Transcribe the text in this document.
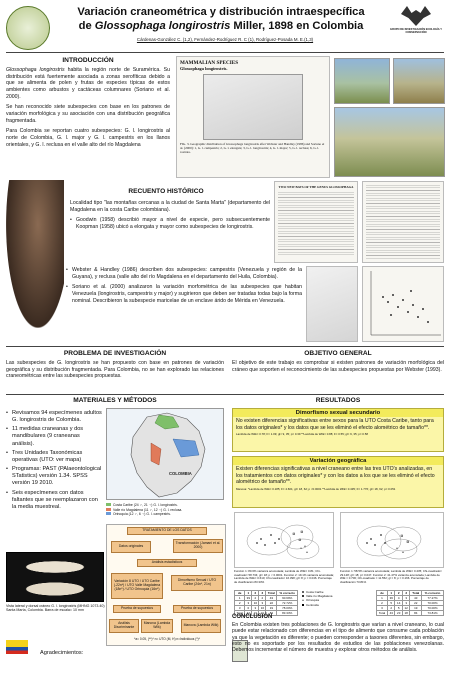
Variación craneométrica y distribución intraespecífica
de Glossophaga longirostris Miller, 1898 en Colombia
Cárdenas-González C. (1,2), Fernández-Rodríguez R. C (1), Rodríguez-Posada M. E.(1,3)
GRUPO DE INVESTIGACIÓN ECOLOGÍA Y CONSERVACIÓN
INTRODUCCIÓN

Glossophaga longirostris habita la región norte de Suramérica. Su distribución está fuertemente asociada a zonas xerofíticas debido a que se alimenta de polen y frutas de especies típicas de estos ambientes como arbustos y cactáceas columnares (Soriano et al. 2000).

Se han reconocido siete subespecies con base en los patrones de variación morfológica y su asociación con una distribución geográfica fragmentada.

Para Colombia se reportan cuatro subespecies: G. l. longirostris al norte de Colombia, G. l. major y G. l. campestris en los llanos orientales, y G. l. reclusa en el valle alto del río Magdalena

MAMMALIAN SPECIES
Glossophaga longirostris.
FIG. 3. Geographic distribution of Glossophaga longirostris after Webster and Handley (1986) and Soriano et al. (2000): 1, G. l. campestris; 2, G. l. elongata; 3, G. l. longirostris; 4, G. l. major; 5, G. l. reclusa; 6, G. l. rostrata.
RECUENTO HISTÓRICO

Localidad tipo "las montañas cercanas a la ciudad de Santa Marta" (departamento del Magdalena en la costa Caribe colombiana).

• Goodwin (1958) describió mayor a nivel de especie, pero subsecuentemente Koopman (1958) ubicó a elongata y mayor como subespecies de longirostris.
TWO NEW BATS OF THE GENUS GLOSSOPHAGA
• Webster & Handley (1986) describen dos subespecies: campestris (Venezuela y región de la Guyana), y reclusa (valle alto del río Magdalena en el departamento del Huila, Colombia).
• Soriano et al. (2000) analizaron la variación morfométrica de las subespecies que habitan Venezuela (longirostris, campestris y major) y sugirieron que deben ser tratadas todas bajo la forma nominal. Describieron la subespecie maricelae de un enclave árido de Mérida en Venezuela.
PROBLEMA DE INVESTIGACIÓN
Las subespecies de G. longirostris se han propuesto con base en patrones de variación geográfica y su distribución fragmentada. Para Colombia, no se han explorado las relaciones craneométricas entre las subespecies propuestas.
OBJETIVO GENERAL
El objetivo de este trabajo es comprobar si existen patrones de variación morfológica del cráneo que soporten el reconocimiento de las subespecies propuestas por Webster (1993).
MATERIALES Y MÉTODOS
• Revisamos 94 especímenes adultos G. longirostris de Colombia.
• 11 medidas craneanas y dos mandibulares (9 craneanas análisis).
• Tres Unidades Taxonómicas operativas (UTO: ver mapa)
• Programas: PAST (PAlaeontological STatistics) versión 1.34. SPSS versión 19 2010.
• Seis especímenes con datos faltantes que se reemplazaron con la media muestreal.
COLOMBIA
Costa Caribe (24 ♂, 21 ♀) G. l. longirostris.
Valle río Magdalena (11 ♂, 12 ♀) G. l. reclusa.
Orinoquia (12 ♂, 6 ♀) G. l. campestris.
Vista lateral y dorsal cráneo G. l. longirostris (MHNG 1073.40) Santa Marta, Colombia. Barra de escala= 10 mm
TRATAMIENTO DE LOS DATOS
Datos originales
Transformación (Jamani et al. 2000)
Análisis estadísticos
Variación 8 UTO / UTO Caribe (-22n*) / UTO Valle Magdalena (18n*) / UTO Orinoquia (16n*)
Dimorfismo Sexual / UTO Caribe (24n*, 21n)
Prueba de supuestos	Prueba de supuestos
Análisis Discriminante
Manova (Lambda Wilk)	Manova (Lambda Wilk)
*a= 0.05, (**)* n= UTO (M, H) n=Individuos (*)*
Agradecimientos:
RESULTADOS
Dimorfismo sexual secundario
No existen diferencias significativas entre sexos para la UTO Costa Caribe, tanto para los datos originales* y los datos que se les eliminó el efecto alométrico de tamaño**.
Lambda de Wilk= 0.78; F= 1.09; gl= 9, 35; p= 0.39 **Lambda de Wilk= 0.88; F= 0.55; gl= 9, 35; p= 0.58
Variación geográfica
Existen diferencias significativas a nivel craneano entre las tres UTO's analizadas, en los tratamientos con datos originales* y con los datos a los que se les eliminó el efecto alométrico de tamaño**.
Manova: *Lambda de Wilk= 0.185; F= 4.601; gl= 18, 62; p <0.0001 **Lambda de Wilk= 0.435; F= 1.776; gl= 18, 62; p= 0.051
Función 1: 80.6% varianza acumulada; Lambda de Wilk= 0.81; Chi-cuadrado= 58.734; gl= 18; p < 0.0001. Función 2: 19.1% varianza acumulada; Lambda de Wilk= 0.610; Chi-cuadrado= 16.398; gl= 8; p = 0.046. Porcentaje de clasificación 83.33%
Función 1: 58.5% varianza acumulada; Lambda de Wilk= 0.435; Chi-cuadrado= 29.128; gl= 18; p= 0.047. Función 2: 41.47% varianza acumulada; Lambda de Wilk = 0.706; Chi-cuadrado = 11.552; gl = 8; p = 0.166. Porcentaje de clasificación 73.81%
de	1	2	3	Total	% correcto
1	39	2	2	43	90.69%
2	3	16	3	22	72.72%
3	0	3	16	19	78.00%
Total	42	21	21	84	83.33%
Costa Caribe
Valle río Magdalena
Orinoquia
Centroide
de	1	2	3	Total	% correcto
1	36	4	3	43	77.27%
2	5	14	3	22	70.00%
3	2	5	12	19	70.00%
Total	43	23	18	84	73.81%
CONCLUSIÓN
En Colombia existen tres poblaciones de G. longirostris que varían a nivel craneano, lo cual puede estar relacionado con diferencias en el tipo de alimento que consume cada población ya que la vegetación es diferente; o pueden corresponder a taxones diferentes, sin embargo, esto no es soportado por los resultados de estudios de las poblaciones venezolanas. Debemos incrementar el número de muestra y explorar otros métodos de análisis.
